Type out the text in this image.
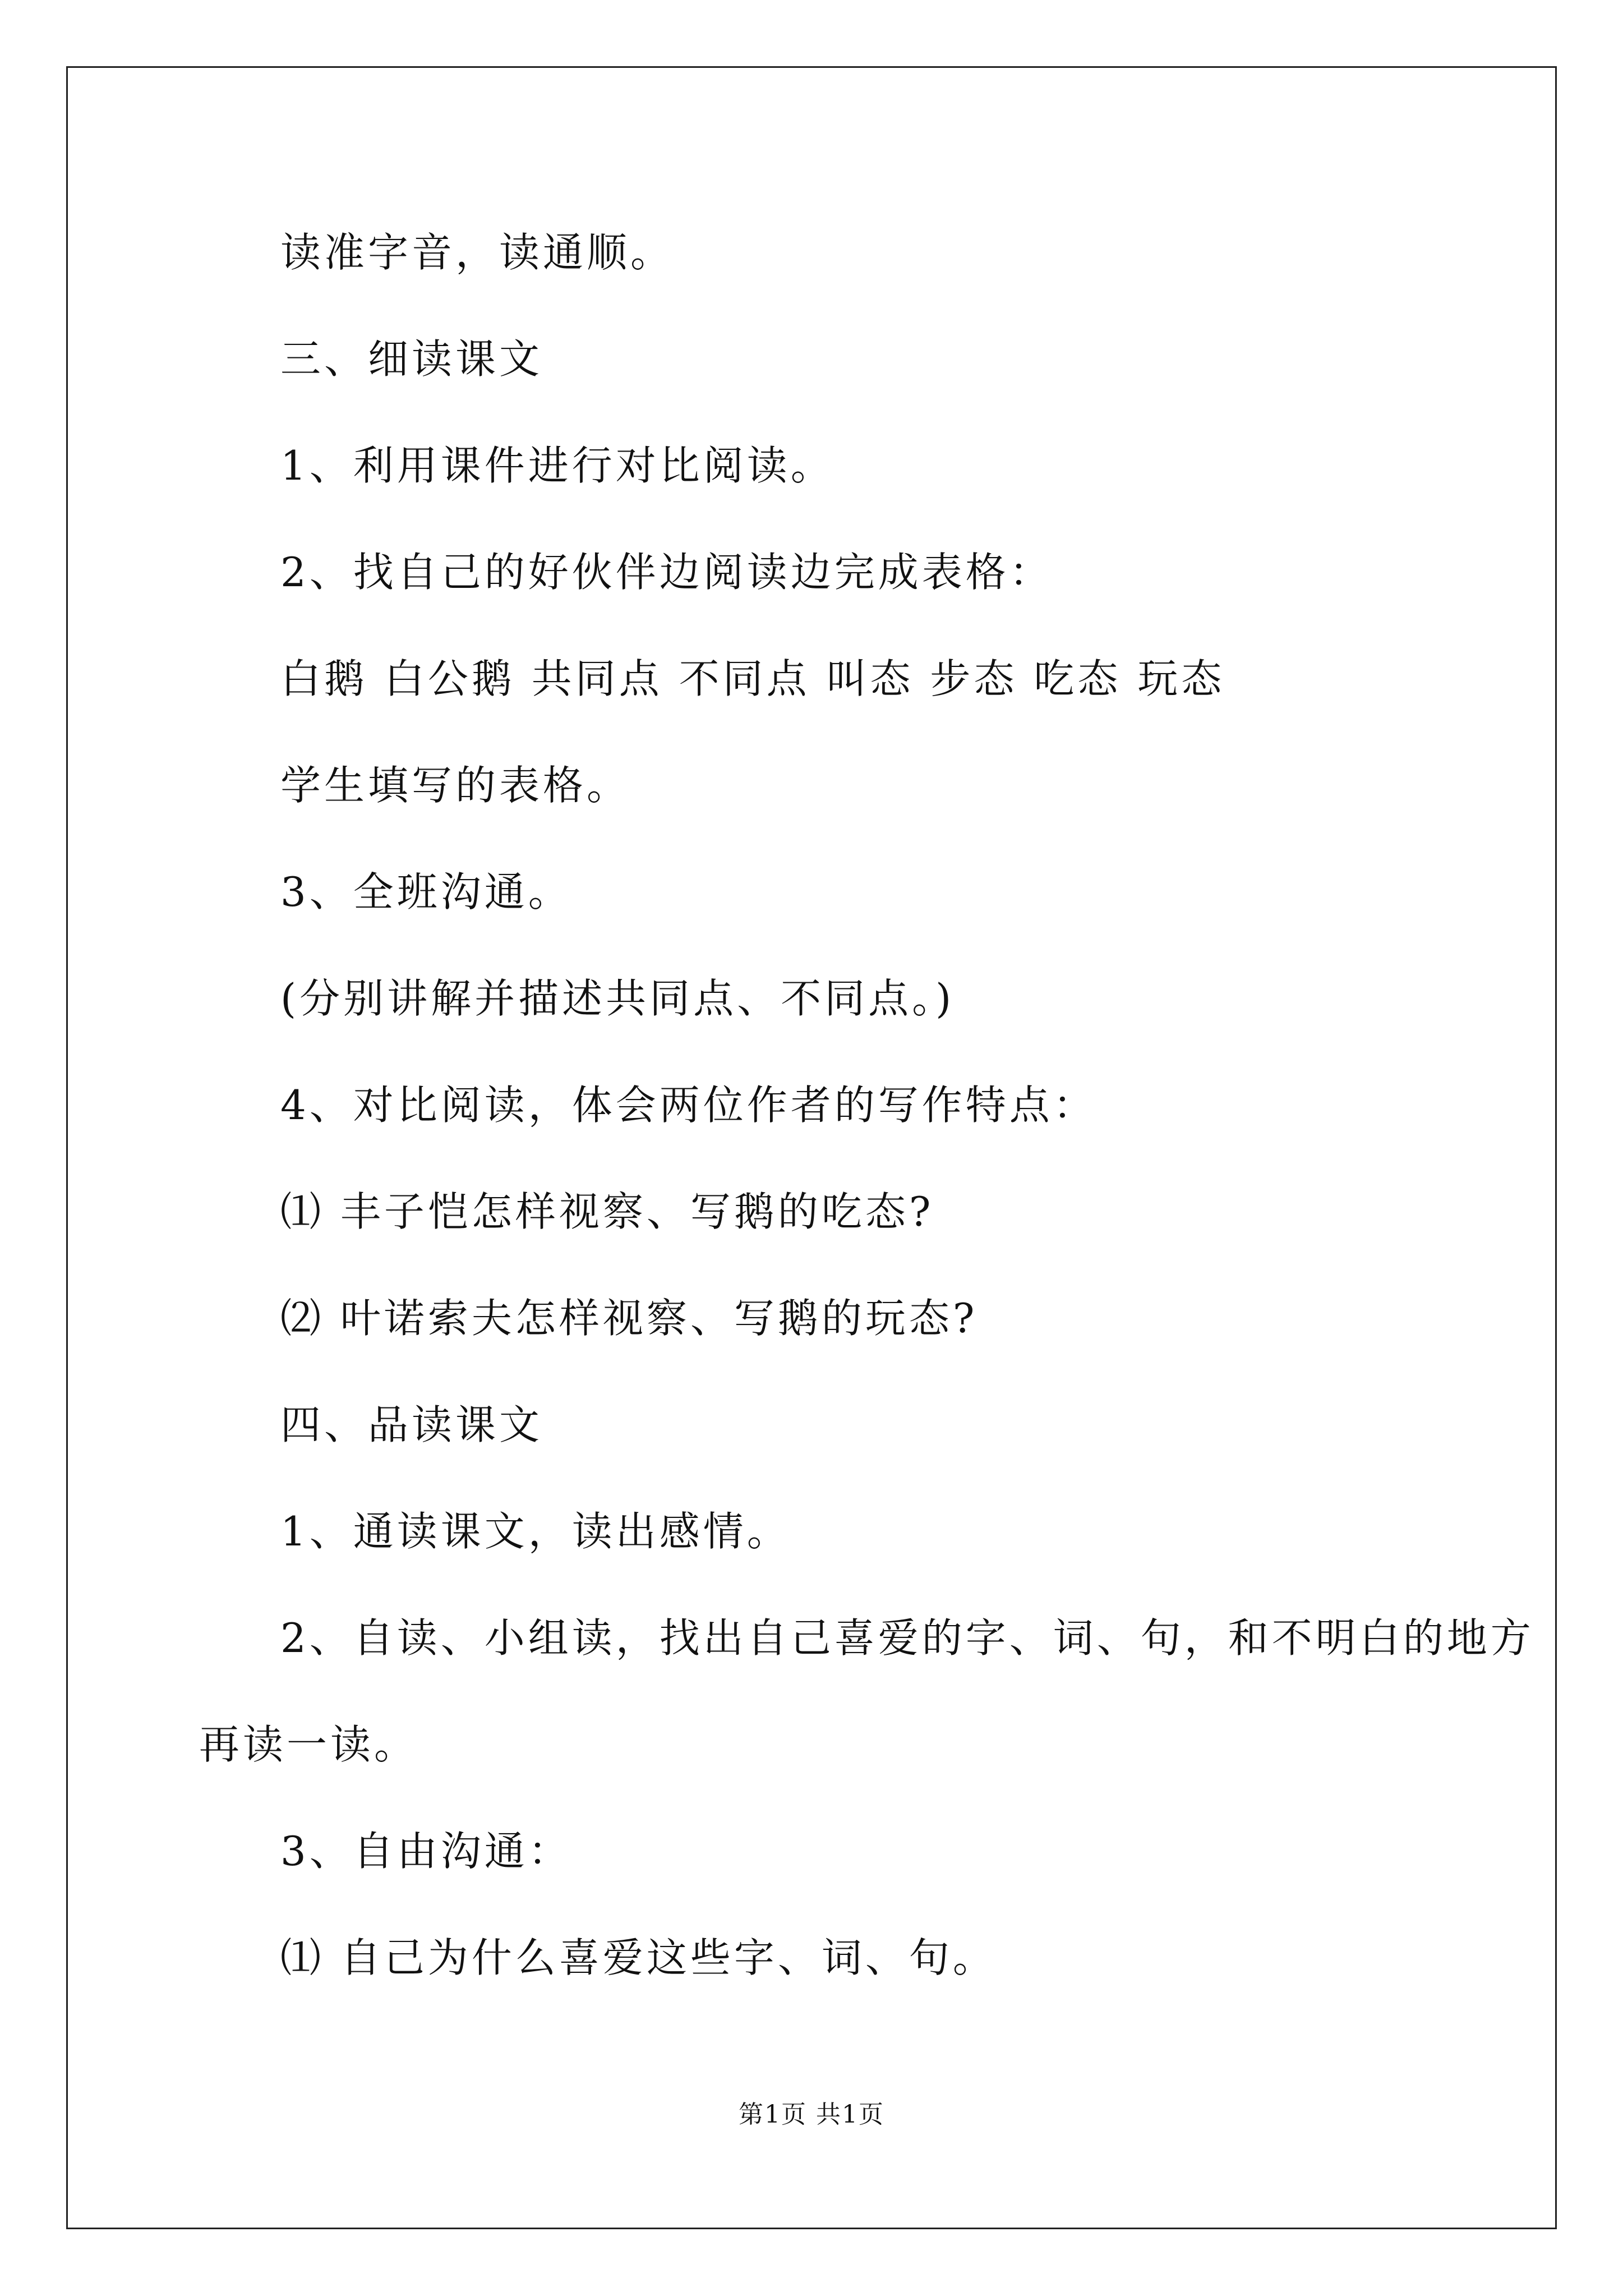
读准字音，读通顺。
三、细读课文
1、利用课件进行对比阅读。
2、找自己的好伙伴边阅读边完成表格：
白鹅 白公鹅 共同点 不同点 叫态 步态 吃态 玩态
学生填写的表格。
3、全班沟通。
(分别讲解并描述共同点、不同点。)
4、对比阅读，体会两位作者的写作特点：
⑴ 丰子恺怎样视察、写鹅的吃态?
⑵ 叶诺索夫怎样视察、写鹅的玩态?
四、品读课文
1、通读课文，读出感情。
2、自读、小组读，找出自己喜爱的字、词、句，和不明白的地方
再读一读。
3、自由沟通：
⑴ 自己为什么喜爱这些字、词、句。
第1页 共1页
